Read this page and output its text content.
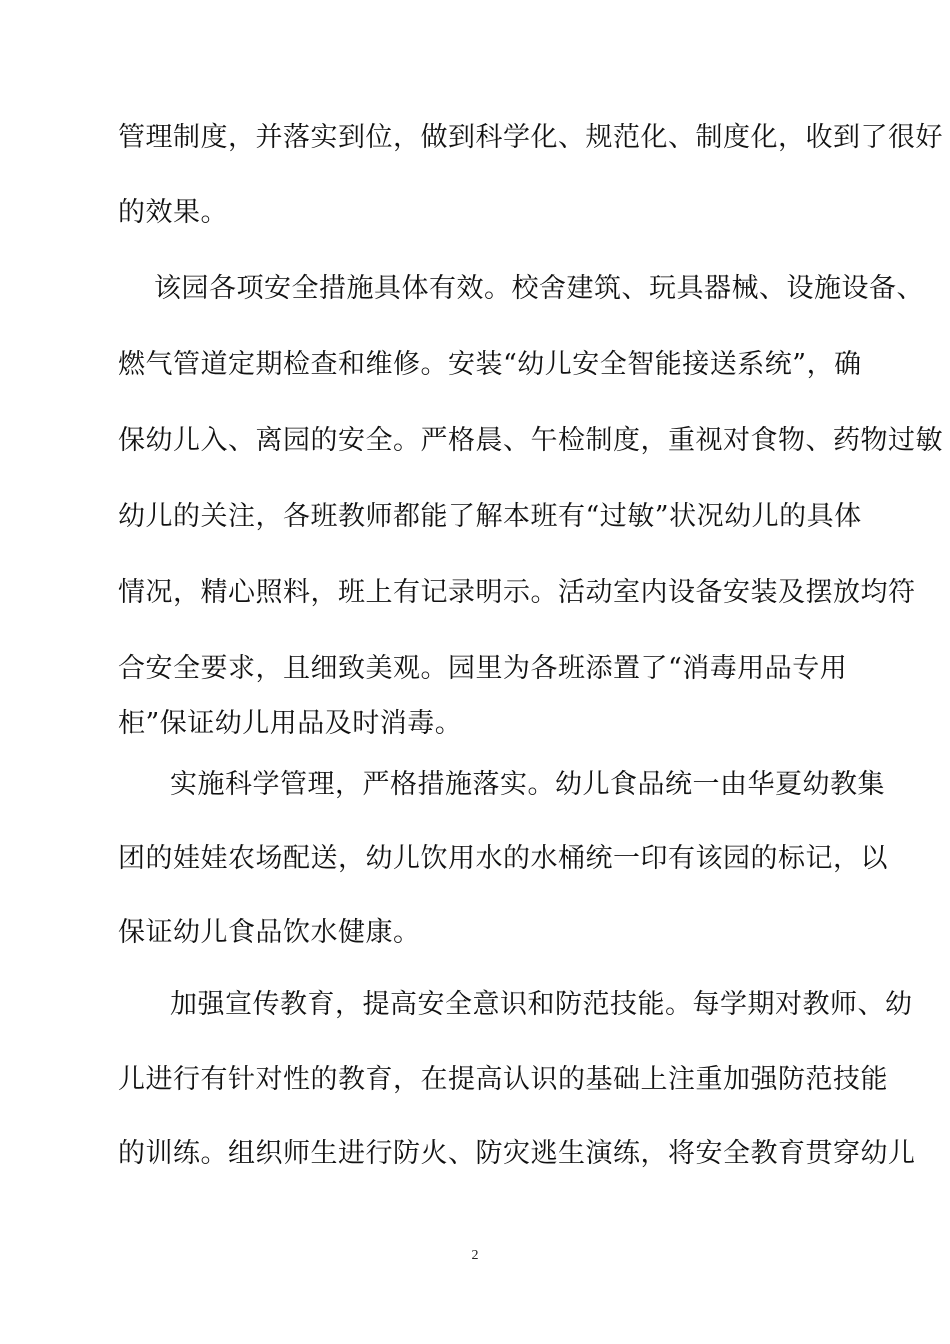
管理制度，并落实到位，做到科学化、规范化、制度化，收到了很好
的效果。
该园各项安全措施具体有效。校舍建筑、玩具器械、设施设备、
燃气管道定期检查和维修。安装“幼儿安全智能接送系统”，确
保幼儿入、离园的安全。严格晨、午检制度，重视对食物、药物过敏
幼儿的关注，各班教师都能了解本班有“过敏”状况幼儿的具体
情况，精心照料，班上有记录明示。活动室内设备安装及摆放均符
合安全要求，且细致美观。园里为各班添置了“消毒用品专用
柜”保证幼儿用品及时消毒。
实施科学管理，严格措施落实。幼儿食品统一由华夏幼教集
团的娃娃农场配送，幼儿饮用水的水桶统一印有该园的标记，以
保证幼儿食品饮水健康。
加强宣传教育，提高安全意识和防范技能。每学期对教师、幼
儿进行有针对性的教育，在提高认识的基础上注重加强防范技能
的训练。组织师生进行防火、防灾逃生演练，将安全教育贯穿幼儿
2
